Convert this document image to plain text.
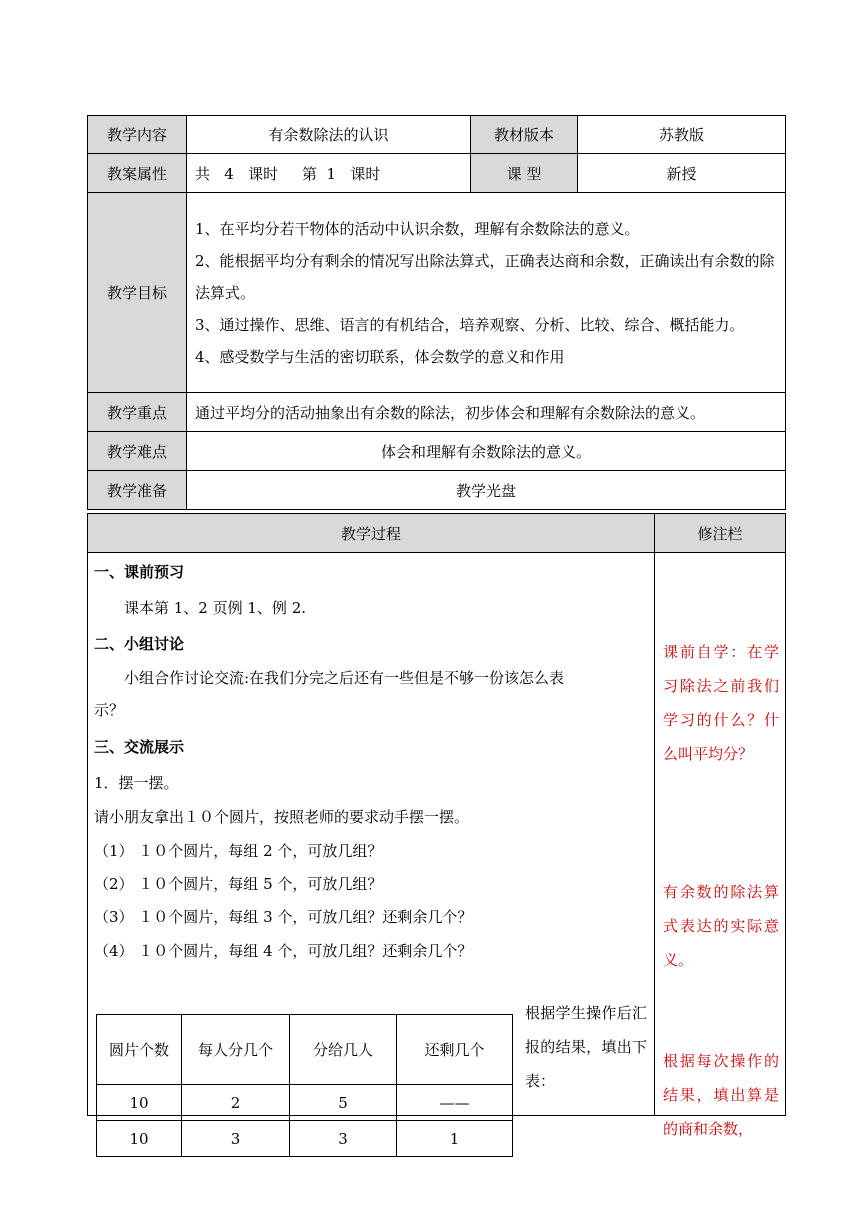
教学内容	有余数除法的认识	教材版本	苏教版
教案属性	共   4   课时     第  1   课时	课 型	新授
教学目标	1、在平均分若干物体的活动中认识余数，理解有余数除法的意义。

2、能根据平均分有剩余的情况写出除法算式，正确表达商和余数，正确读出有余数的除法算式。

3、通过操作、思维、语言的有机结合，培养观察、分析、比较、综合、概括能力。

4、感受数学与生活的密切联系，体会数学的意义和作用		

教学重点	通过平均分的活动抽象出有余数的除法，初步体会和理解有余数除法的意义。		
教学难点	体会和理解有余数除法的意义。		
教学准备	教学光盘		
教学过程	修注栏

一、课前预习
课本第 1、2 页例 1、例 2.
二、小组讨论
小组合作讨论交流:在我们分完之后还有一些但是不够一份该怎么表
示？
三、交流展示
1．摆一摆。
请小朋友拿出１０个圆片，按照老师的要求动手摆一摆。
（1） １０个圆片，每组 2 个，可放几组？
（2） １０个圆片，每组 5 个，可放几组？
（3） １０个圆片，每组 3 个，可放几组？还剩余几个？
（4） １０个圆片，每组 4 个，可放几组？还剩余几个？
圆片个数	每人分几个	分给几人	还剩几个
10	2	5	——
10	3	3	1
根据学生操作后汇报的结果，填出下表：

课前自学：在学习除法之前我们学习的什么？什么叫平均分？
有余数的除法算式表达的实际意义。
根据每次操作的结果，填出算是的商和余数，
